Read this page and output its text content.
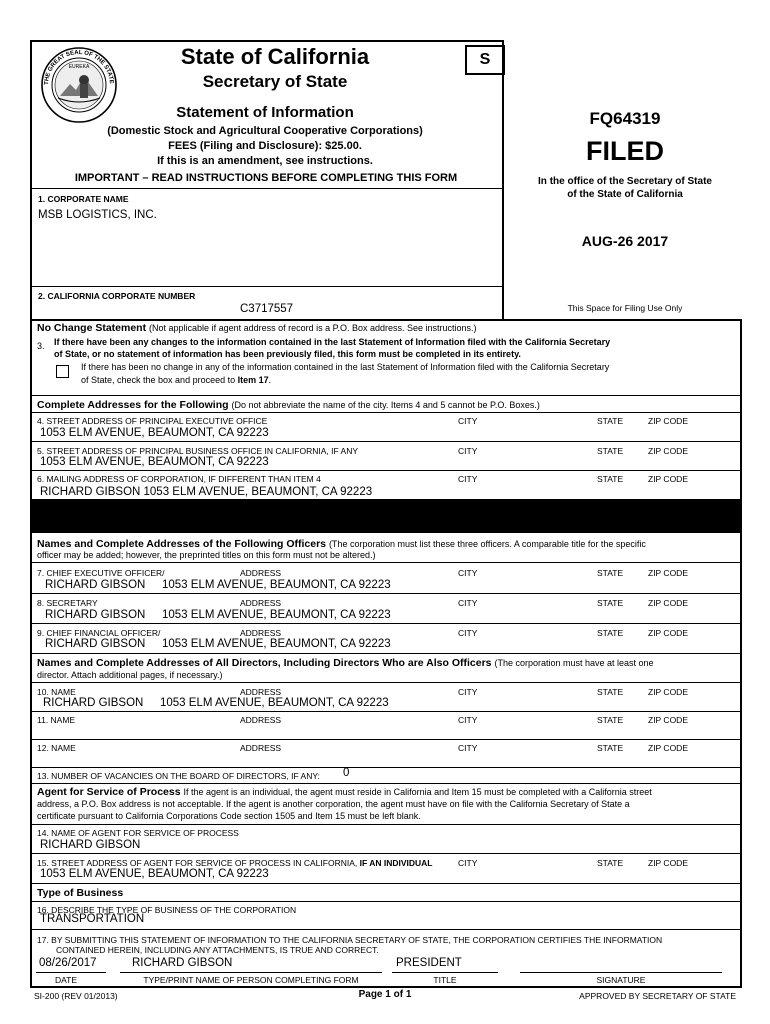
EUREKA
THE GREAT SEAL OF THE STATE
State of California
Secretary of State
S
Statement of Information
(Domestic Stock and Agricultural Cooperative Corporations)
FEES (Filing and Disclosure): $25.00.
If this is an amendment, see instructions.
IMPORTANT – READ INSTRUCTIONS BEFORE COMPLETING THIS FORM
FQ64319
FILED
In the office of the Secretary of State
of the State of California
AUG-26 2017
This Space for Filing Use Only
1. CORPORATE NAME
MSB LOGISTICS, INC.
2. CALIFORNIA CORPORATE NUMBER
C3717557
No Change Statement (Not applicable if agent address of record is a P.O. Box address. See instructions.)
3. If there have been any changes to the information contained in the last Statement of Information filed with the California Secretary
of State, or no statement of information has been previously filed, this form must be completed in its entirety.
If there has been no change in any of the information contained in the last Statement of Information filed with the California Secretary
of State, check the box and proceed to Item 17.
Complete Addresses for the Following (Do not abbreviate the name of the city. Items 4 and 5 cannot be P.O. Boxes.)
4. STREET ADDRESS OF PRINCIPAL EXECUTIVE OFFICE	CITY	STATE	ZIP CODE
1053 ELM AVENUE, BEAUMONT, CA 92223
5. STREET ADDRESS OF PRINCIPAL BUSINESS OFFICE IN CALIFORNIA, IF ANY	CITY	STATE	ZIP CODE
1053 ELM AVENUE, BEAUMONT, CA 92223
6. MAILING ADDRESS OF CORPORATION, IF DIFFERENT THAN ITEM 4	CITY	STATE	ZIP CODE
RICHARD GIBSON 1053 ELM AVENUE, BEAUMONT, CA 92223
Names and Complete Addresses of the Following Officers (The corporation must list these three officers. A comparable title for the specific
officer may be added; however, the preprinted titles on this form must not be altered.)
7. CHIEF EXECUTIVE OFFICER/	ADDRESS	CITY	STATE	ZIP CODE
RICHARD GIBSON 1053 ELM AVENUE, BEAUMONT, CA 92223
8. SECRETARY	ADDRESS	CITY	STATE	ZIP CODE
RICHARD GIBSON 1053 ELM AVENUE, BEAUMONT, CA 92223
9. CHIEF FINANCIAL OFFICER/	ADDRESS	CITY	STATE	ZIP CODE
RICHARD GIBSON 1053 ELM AVENUE, BEAUMONT, CA 92223
Names and Complete Addresses of All Directors, Including Directors Who are Also Officers (The corporation must have at least one
director. Attach additional pages, if necessary.)
10. NAME	ADDRESS	CITY	STATE	ZIP CODE
RICHARD GIBSON 1053 ELM AVENUE, BEAUMONT, CA 92223
11. NAME	ADDRESS	CITY	STATE	ZIP CODE
12. NAME	ADDRESS	CITY	STATE	ZIP CODE
13. NUMBER OF VACANCIES ON THE BOARD OF DIRECTORS, IF ANY: 0
Agent for Service of Process If the agent is an individual, the agent must reside in California and Item 15 must be completed with a California street
address, a P.O. Box address is not acceptable. If the agent is another corporation, the agent must have on file with the California Secretary of State a
certificate pursuant to California Corporations Code section 1505 and Item 15 must be left blank.
14. NAME OF AGENT FOR SERVICE OF PROCESS
RICHARD GIBSON
15. STREET ADDRESS OF AGENT FOR SERVICE OF PROCESS IN CALIFORNIA, IF AN INDIVIDUAL	CITY	STATE	ZIP CODE
1053 ELM AVENUE, BEAUMONT, CA 92223
Type of Business
16. DESCRIBE THE TYPE OF BUSINESS OF THE CORPORATION
TRANSPORTATION
17. BY SUBMITTING THIS STATEMENT OF INFORMATION TO THE CALIFORNIA SECRETARY OF STATE, THE CORPORATION CERTIFIES THE INFORMATION
CONTAINED HEREIN, INCLUDING ANY ATTACHMENTS, IS TRUE AND CORRECT.
08/26/2017	RICHARD GIBSON	PRESIDENT
DATE	TYPE/PRINT NAME OF PERSON COMPLETING FORM	TITLE	SIGNATURE
SI-200 (REV 01/2013)	Page 1 of 1	APPROVED BY SECRETARY OF STATE
